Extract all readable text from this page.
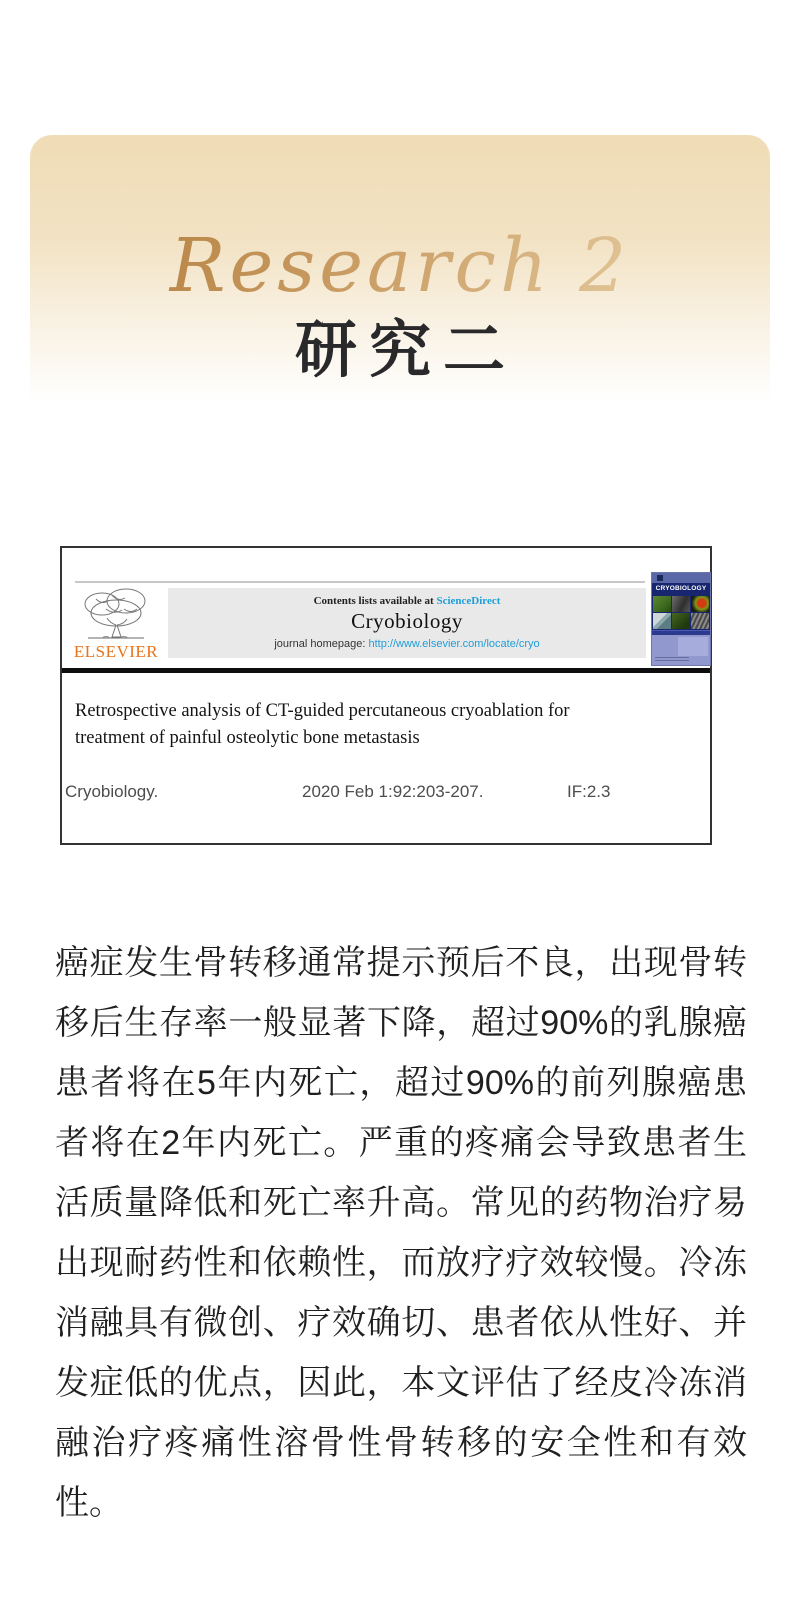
Research 2
研究二
ELSEVIER
Contents lists available at ScienceDirect
Cryobiology
journal homepage: http://www.elsevier.com/locate/cryo
CRYOBIOLOGY
Retrospective analysis of CT-guided percutaneous cryoablation for treatment of painful osteolytic bone metastasis
Cryobiology.	2020 Feb 1:92:203-207.	IF:2.3
癌症发生骨转移通常提示预后不良，出现骨转
移后生存率一般显著下降，超过90%的乳腺癌
患者将在5年内死亡，超过90%的前列腺癌患
者将在2年内死亡。严重的疼痛会导致患者生
活质量降低和死亡率升高。常见的药物治疗易
出现耐药性和依赖性，而放疗疗效较慢。冷冻
消融具有微创、疗效确切、患者依从性好、并
发症低的优点，因此，本文评估了经皮冷冻消
融治疗疼痛性溶骨性骨转移的安全性和有效
性。
